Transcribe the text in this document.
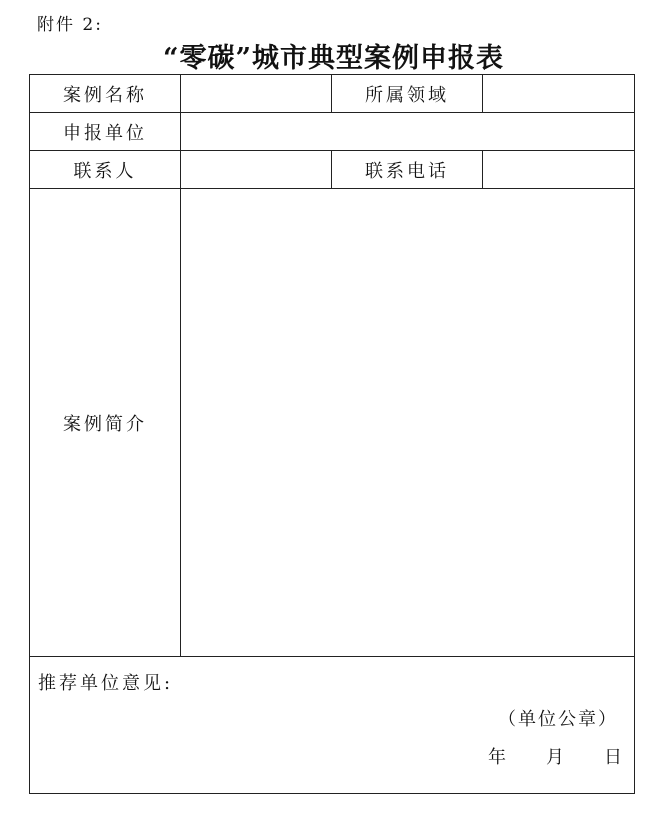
附件 2:
“零碳”城市典型案例申报表
案例名称		所属领域	
申报单位			
联系人		联系电话	
案例简介			

推荐单位意见:
（单位公章）
年 月 日			
